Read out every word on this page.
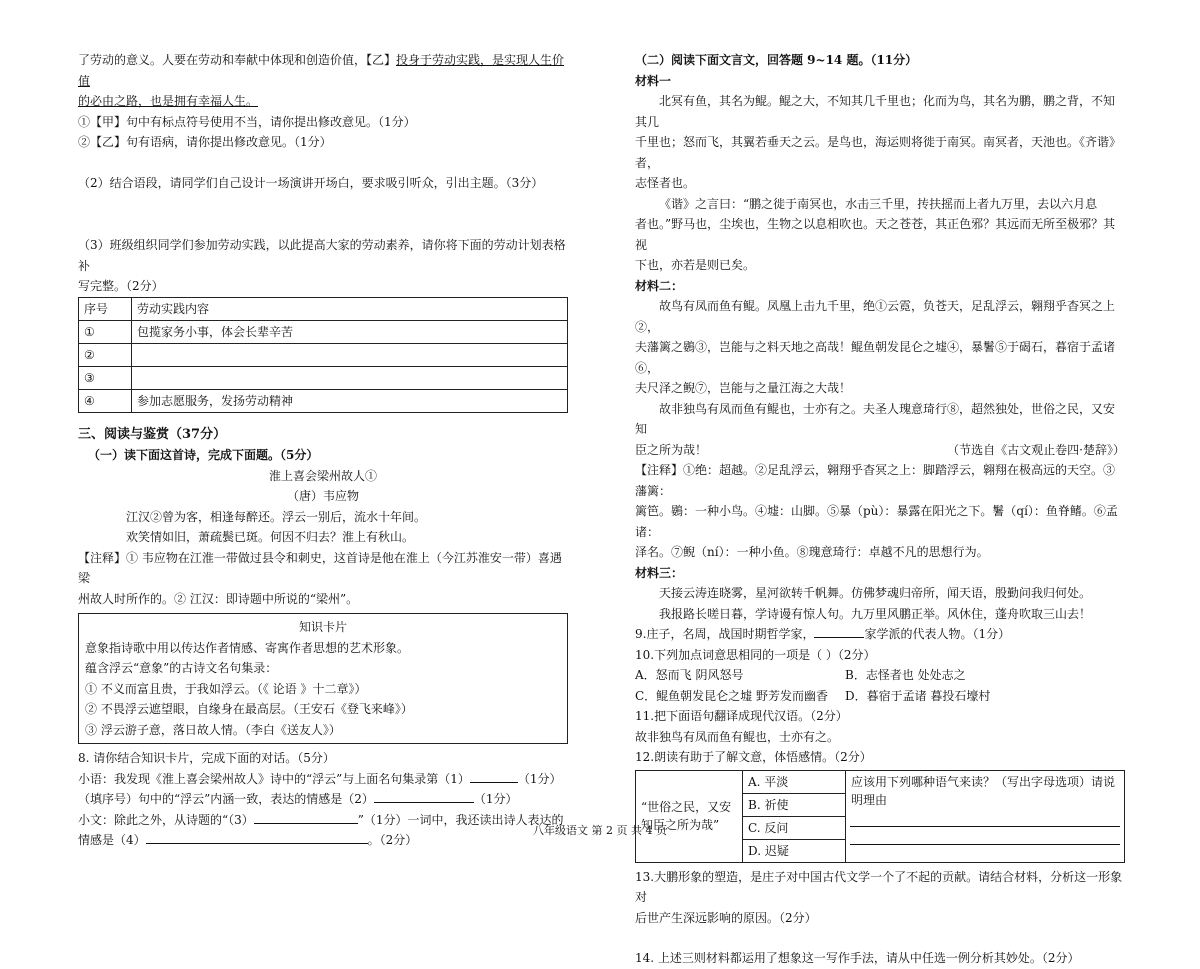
了劳动的意义。人要在劳动和奉献中体现和创造价值，【乙】投身于劳动实践，是实现人生价值

的必由之路，也是拥有幸福人生。

①【甲】句中有标点符号使用不当，请你提出修改意见。（1分）

②【乙】句有语病，请你提出修改意见。（1分）

（2）结合语段，请同学们自己设计一场演讲开场白，要求吸引听众，引出主题。（3分）

（3）班级组织同学们参加劳动实践，以此提高大家的劳动素养，请你将下面的劳动计划表格补

写完整。（2分）

序号	劳动实践内容
①	包揽家务小事，体会长辈辛苦
②	
③	
④	参加志愿服务，发扬劳动精神

三、阅读与鉴赏（37分）

（一）读下面这首诗，完成下面题。（5分）

淮上喜会梁州故人①

（唐）韦应物

江汉②曾为客，相逢每醉还。浮云一别后，流水十年间。

欢笑情如旧，萧疏鬓已斑。何因不归去？淮上有秋山。

【注释】① 韦应物在江淮一带做过县令和刺史，这首诗是他在淮上（今江苏淮安一带）喜遇梁

州故人时所作的。② 江汉：即诗题中所说的“梁州”。

知识卡片

意象指诗歌中用以传达作者情感、寄寓作者思想的艺术形象。

蕴含浮云“意象”的古诗文名句集录：

① 不义而富且贵，于我如浮云。（《 论语 》十二章》）

② 不畏浮云遮望眼，自缘身在最高层。（王安石《登飞来峰》）

③ 浮云游子意，落日故人情。（李白《送友人》）

8. 请你结合知识卡片，完成下面的对话。（5分）

小语：我发现《淮上喜会梁州故人》诗中的“浮云”与上面名句集录第（1）	（1分）

（填序号）句中的“浮云”内涵一致，表达的情感是（2）	（1分）

小文：除此之外，从诗题的“（3）	”（1分）一词中，我还读出诗人表达的

情感是（4）	。（2分）

（二）阅读下面文言文，回答题 9~14 题。（11分）

材料一

北冥有鱼，其名为鲲。鲲之大，不知其几千里也；化而为鸟，其名为鹏，鹏之背，不知其几

千里也；怒而飞，其翼若垂天之云。是鸟也，海运则将徙于南冥。南冥者，天池也。《齐谐》者，

志怪者也。

《谐》之言曰：“鹏之徙于南冥也，水击三千里，抟扶摇而上者九万里，去以六月息

者也。”野马也，尘埃也，生物之以息相吹也。天之苍苍，其正色邪？其远而无所至极邪？其视

下也，亦若是则已矣。

材料二：

故鸟有凤而鱼有鲲。凤凰上击九千里，绝①云霓，负苍天，足乱浮云，翱翔乎杳冥之上②，

夫藩篱之鷃③，岂能与之料天地之高哉！鲲鱼朝发昆仑之墟④，暴鬐⑤于碣石，暮宿于孟诸⑥，

夫尺泽之鲵⑦，岂能与之量江海之大哉！

故非独鸟有凤而鱼有鲲也，士亦有之。夫圣人瑰意琦行⑧，超然独处，世俗之民，又安知

臣之所为哉！	（节选自《古文观止卷四·楚辞》）

【注释】①绝：超越。②足乱浮云，翱翔乎杳冥之上：脚踏浮云，翱翔在极高远的天空。③藩篱：

篱笆。鷃：一种小鸟。④墟：山脚。⑤暴（pù）：暴露在阳光之下。鬐（qí）：鱼脊鳍。⑥孟诸：

泽名。⑦鲵（ní）：一种小鱼。⑧瑰意琦行：卓越不凡的思想行为。

材料三：

天接云涛连晓雾，星河欲转千帆舞。仿佛梦魂归帝所，闻天语，殷勤问我归何处。

我报路长嗟日暮，学诗谩有惊人句。九万里风鹏正举。风休住，蓬舟吹取三山去！

9.庄子，名周，战国时期哲学家，	家学派的代表人物。（1分）

10.下列加点词意思相同的一项是（ ）（2分）

A．怒而飞 阴风怒号	B．志怪者也 处处志之

C．鲲鱼朝发昆仑之墟 野芳发而幽香 D．暮宿于孟诸 暮投石壕村

11.把下面语句翻译成现代汉语。（2分）

故非独鸟有凤而鱼有鲲也，士亦有之。

12.朗读有助于了解文意，体悟感情。（2分）

“世俗之民，又安知臣之所为哉”	A. 平淡	应该用下列哪种语气来读？（写出字母选项）请说明理由

B. 祈使
C. 反问
D. 迟疑

13.大鹏形象的塑造，是庄子对中国古代文学一个了不起的贡献。请结合材料，分析这一形象对

后世产生深远影响的原因。（2分）

14. 上述三则材料都运用了想象这一写作手法，请从中任选一例分析其妙处。（2分）

八年级语文 第 2 页 共 4 页
